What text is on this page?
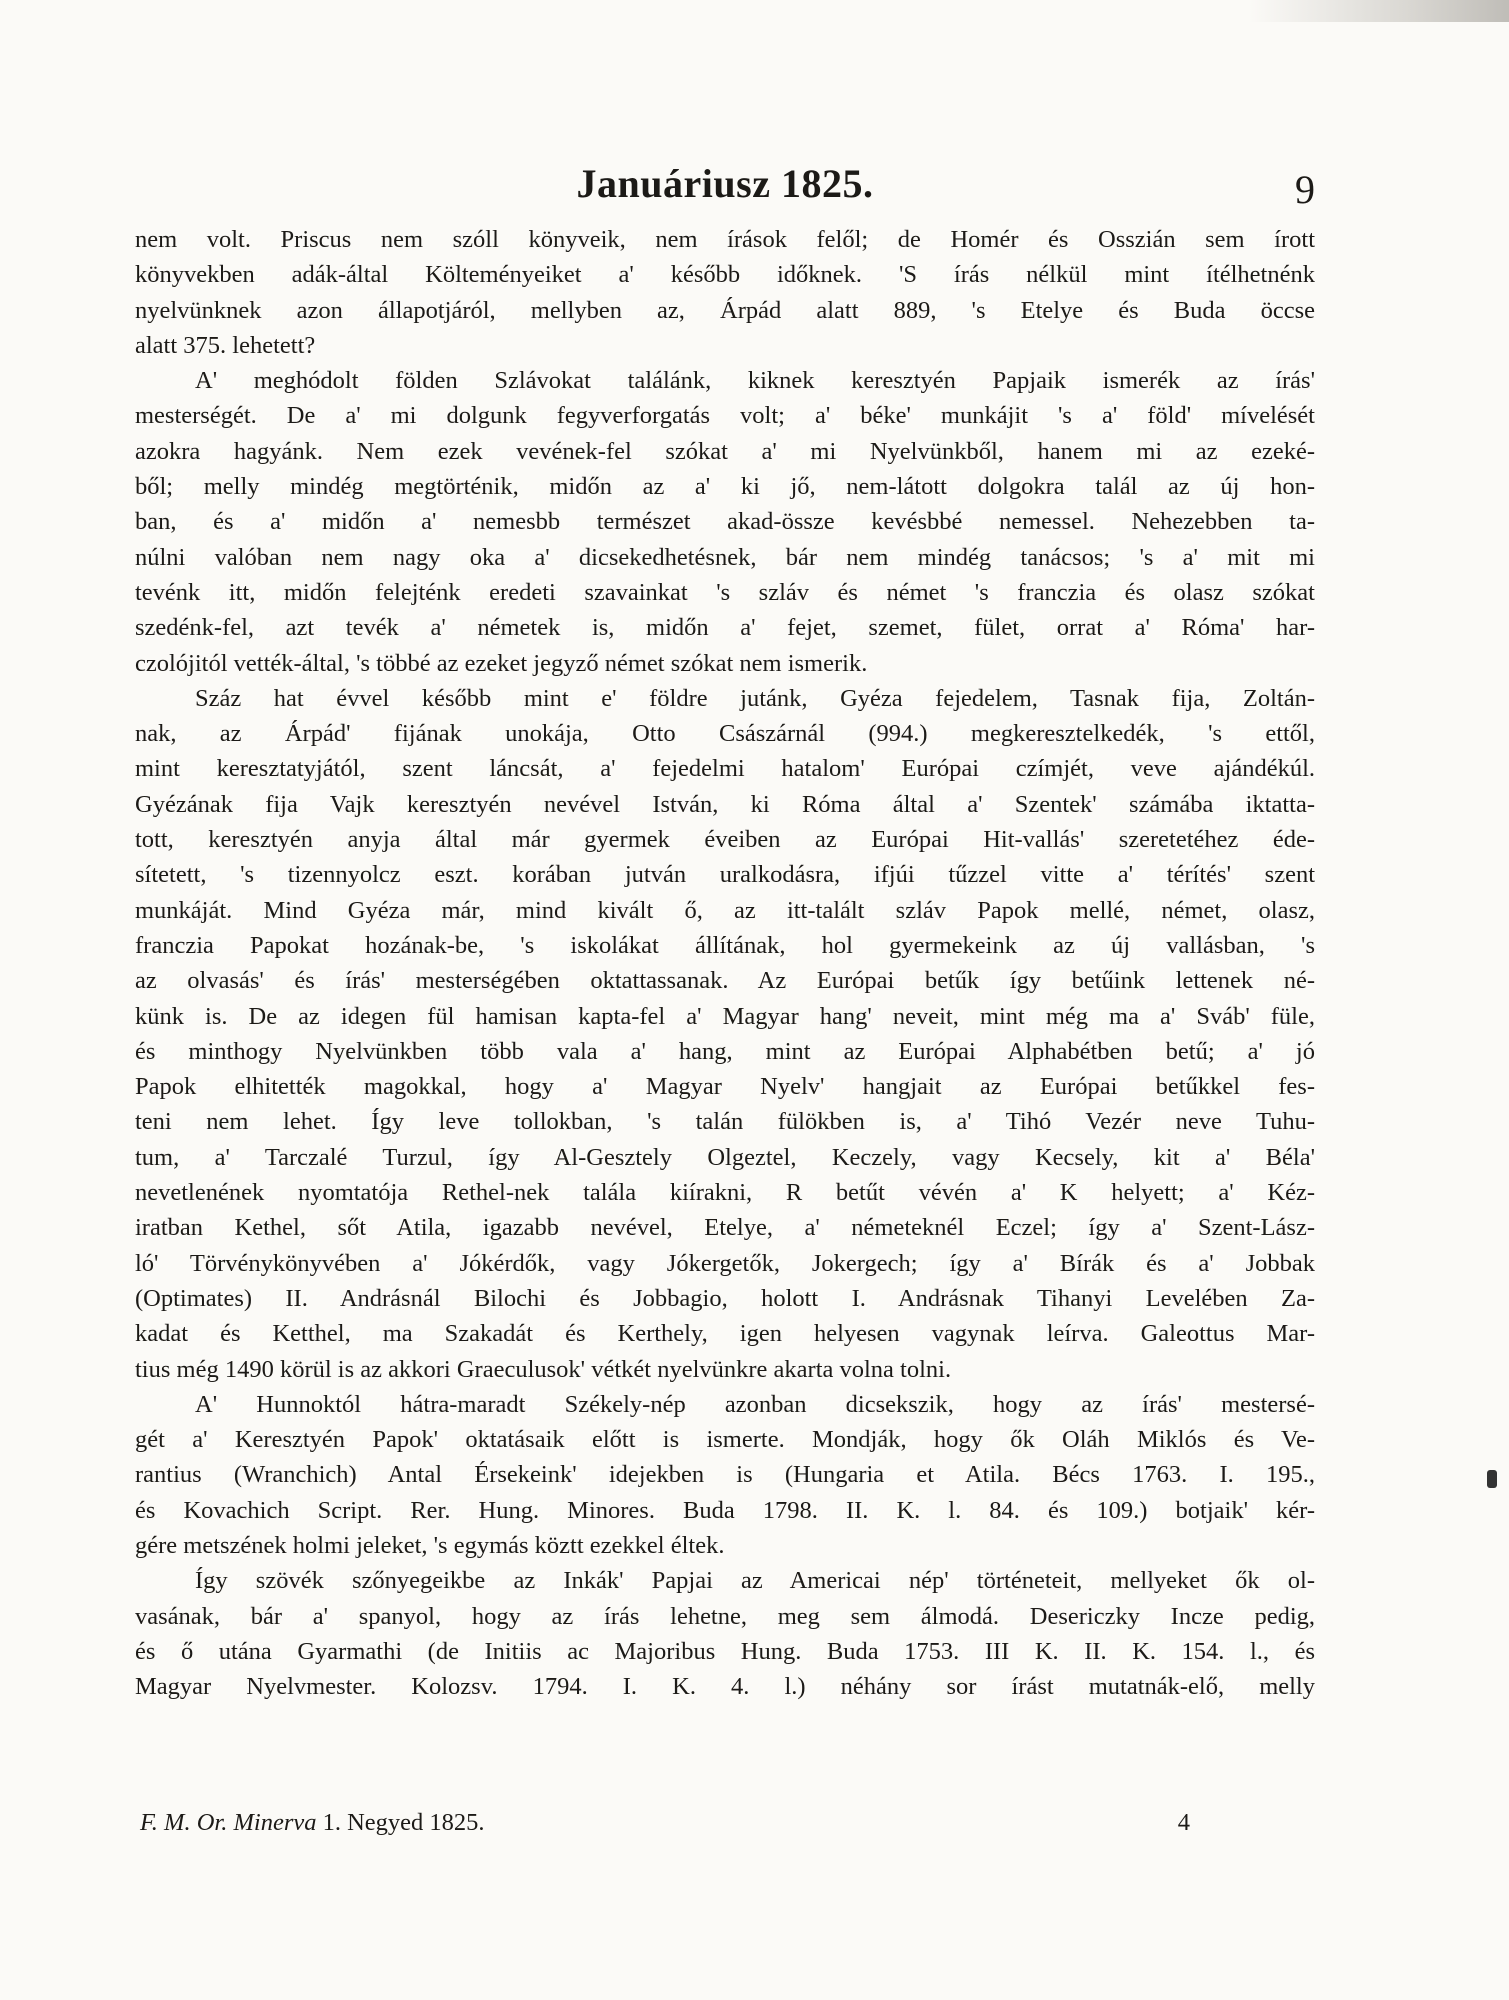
Januáriusz 1825.	9
nem volt. Priscus nem szóll könyveik, nem írások felől; de Homér és Osszián sem írott
könyvekben adák-által Költeményeiket a' később időknek. 'S írás nélkül mint ítélhetnénk
nyelvünknek azon állapotjáról, mellyben az, Árpád alatt 889, 's Etelye és Buda öccse
alatt 375. lehetett?
A' meghódolt földen Szlávokat találánk, kiknek keresztyén Papjaik ismerék az írás'
mesterségét. De a' mi dolgunk fegyverforgatás volt; a' béke' munkájit 's a' föld' mívelését
azokra hagyánk. Nem ezek vevének-fel szókat a' mi Nyelvünkből, hanem mi az ezeké-
ből; melly mindég megtörténik, midőn az a' ki jő, nem-látott dolgokra talál az új hon-
ban, és a' midőn a' nemesbb természet akad-össze kevésbbé nemessel. Nehezebben ta-
núlni valóban nem nagy oka a' dicsekedhetésnek, bár nem mindég tanácsos; 's a' mit mi
tevénk itt, midőn felejténk eredeti szavainkat 's szláv és német 's franczia és olasz szókat
szedénk-fel, azt tevék a' németek is, midőn a' fejet, szemet, fület, orrat a' Róma' har-
czolójitól vették-által, 's többé az ezeket jegyző német szókat nem ismerik.
Száz hat évvel később mint e' földre jutánk, Gyéza fejedelem, Tasnak fija, Zoltán-
nak, az Árpád' fijának unokája, Otto Császárnál (994.) megkeresztelkedék, 's ettől,
mint keresztatyjától, szent láncsát, a' fejedelmi hatalom' Európai czímjét, veve ajándékúl.
Gyézának fija Vajk keresztyén nevével István, ki Róma által a' Szentek' számába iktatta-
tott, keresztyén anyja által már gyermek éveiben az Európai Hit-vallás' szeretetéhez éde-
sítetett, 's tizennyolcz eszt. korában jutván uralkodásra, ifjúi tűzzel vitte a' térítés' szent
munkáját. Mind Gyéza már, mind kivált ő, az itt-talált szláv Papok mellé, német, olasz,
franczia Papokat hozának-be, 's iskolákat állítának, hol gyermekeink az új vallásban, 's
az olvasás' és írás' mesterségében oktattassanak. Az Európai betűk így betűink lettenek né-
künk is. De az idegen fül hamisan kapta-fel a' Magyar hang' neveit, mint még ma a' Sváb' füle,
és minthogy Nyelvünkben több vala a' hang, mint az Európai Alphabétben betű; a' jó
Papok elhitették magokkal, hogy a' Magyar Nyelv' hangjait az Európai betűkkel fes-
teni nem lehet. Így leve tollokban, 's talán fülökben is, a' Tihó Vezér neve Tuhu-
tum, a' Tarczalé Turzul, így Al-Gesztely Olgeztel, Keczely, vagy Kecsely, kit a' Béla'
nevetlenének nyomtatója Rethel-nek talála kiírakni, R betűt vévén a' K helyett; a' Kéz-
iratban Kethel, sőt Atila, igazabb nevével, Etelye, a' németeknél Eczel; így a' Szent-Lász-
ló' Törvénykönyvében a' Jókérdők, vagy Jókergetők, Jokergech; így a' Bírák és a' Jobbak
(Optimates) II. Andrásnál Bilochi és Jobbagio, holott I. Andrásnak Tihanyi Levelében Za-
kadat és Ketthel, ma Szakadát és Kerthely, igen helyesen vagynak leírva. Galeottus Mar-
tius még 1490 körül is az akkori Graeculusok' vétkét nyelvünkre akarta volna tolni.
A' Hunnoktól hátra-maradt Székely-nép azonban dicsekszik, hogy az írás' mestersé-
gét a' Keresztyén Papok' oktatásaik előtt is ismerte. Mondják, hogy ők Oláh Miklós és Ve-
rantius (Wranchich) Antal Érsekeink' idejekben is (Hungaria et Atila. Bécs 1763. I. 195.,
és Kovachich Script. Rer. Hung. Minores. Buda 1798. II. K. l. 84. és 109.) botjaik' kér-
gére metszének holmi jeleket, 's egymás köztt ezekkel éltek.
Így szövék szőnyegeikbe az Inkák' Papjai az Americai nép' történeteit, mellyeket ők ol-
vasának, bár a' spanyol, hogy az írás lehetne, meg sem álmodá. Desericzky Incze pedig,
és ő utána Gyarmathi (de Initiis ac Majoribus Hung. Buda 1753. III K. II. K. 154. l., és
Magyar Nyelvmester. Kolozsv. 1794. I. K. 4. l.) néhány sor írást mutatnák-elő, melly
F. M. Or. Minerva 1. Negyed 1825.	4
